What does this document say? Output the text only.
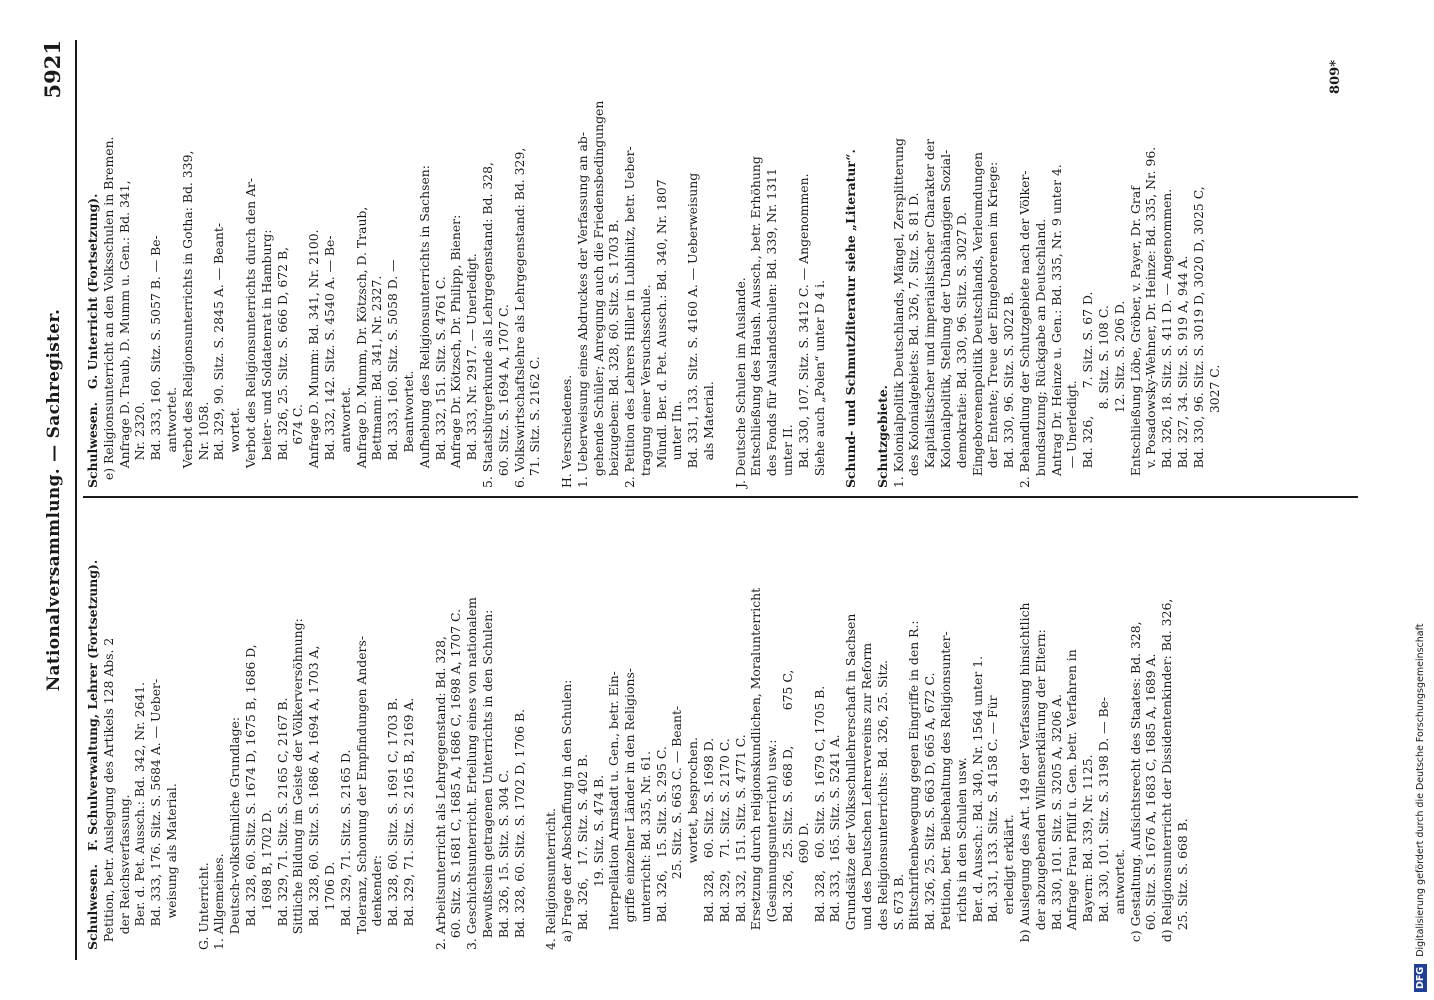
Nationalversammlung. — Sachregister.
5921
Schulwesen.   F. Schulverwaltung, Lehrer (Fortsetzung). Petition, betr. Auslegung des Artikels 128 Abs. 2 der Reichsverfassung. Ber. d. Pet. Aussch.: Bd. 342, Nr. 2641. Bd. 333, 176. Sitz. S. 5684 A. — Ueber- weisung als Material. G. Unterricht. 1. Allgemeines. Deutsch-volkstümliche Grundlage: Bd. 328, 60. Sitz. S. 1674 D, 1675 B, 1686 D, 1698 B, 1702 D. Bd. 329, 71. Sitz. S. 2165 C, 2167 B. Sittliche Bildung im Geiste der Völkerversöhnung: Bd. 328, 60. Sitz. S. 1686 A, 1694 A, 1703 A, 1706 D. Bd. 329, 71. Sitz. S. 2165 D. Toleranz, Schonung der Empfindungen Anders- denkender: Bd. 328, 60. Sitz. S. 1691 C, 1703 B. Bd. 329, 71. Sitz. S. 2165 B, 2169 A. 2. Arbeitsunterricht als Lehrgegenstand: Bd. 328, 60. Sitz. S. 1681 C, 1685 A, 1686 C, 1698 A, 1707 C. 3. Geschichtsunterricht. Erteilung eines von nationalem Bewußtsein getragenen Unterrichts in den Schulen: Bd. 326, 15. Sitz. S. 304 C. Bd. 328, 60. Sitz. S. 1702 D, 1706 B. 4. Religionsunterricht. a) Frage der Abschaffung in den Schulen: Bd. 326,   17. Sitz. S. 402 B. 19. Sitz. S. 474 B. Interpellation Arnstadt u. Gen., betr. Ein- griffe einzelner Länder in den Religions- unterricht: Bd. 335, Nr. 61. Bd. 326,   15. Sitz. S. 295 C. 25. Sitz. S. 663 C. — Beant- wortet, besprochen. Bd. 328,   60. Sitz. S. 1698 D. Bd. 329,   71. Sitz. S. 2170 C. Bd. 332,  151. Sitz. S. 4771 C. Ersetzung durch religionskundlichen, Moralunterricht (Gesinnungsunterricht) usw.: Bd. 326,   25. Sitz. S. 668 D,         675 C, 690 D. Bd. 328,   60. Sitz. S. 1679 C, 1705 B. Bd. 333,  165. Sitz. S. 5241 A. Grundsätze der Volksschullehrerschaft in Sachsen und des Deutschen Lehrervereins zur Reform des Religionsunterrichts: Bd. 326, 25. Sitz. S. 673 B. Bittschriftenbewegung gegen Eingriffe in den R.: Bd. 326, 25. Sitz. S. 663 D, 665 A, 672 C. Petition, betr. Beibehaltung des Religionsunter- richts in den Schulen usw. Ber. d. Aussch.: Bd. 340, Nr. 1564 unter 1. Bd. 331, 133. Sitz. S. 4158 C. — Für erledigt erklärt. b) Auslegung des Art. 149 der Verfassung hinsichtlich der abzugebenden Willenserklärung der Eltern: Bd. 330, 101. Sitz. S. 3205 A, 3206 A. Anfrage Frau Pfülf u. Gen. betr. Verfahren in Bayern: Bd. 339, Nr. 1125. Bd. 330, 101. Sitz. S. 3198 D. — Be- antwortet. c) Gestaltung. Aufsichtsrecht des Staates: Bd. 328, 60. Sitz. S. 1676 A, 1683 C, 1685 A, 1689 A. d) Religionsunterricht der Dissidentenkinder: Bd. 326, 25. Sitz. S. 668 B.
Schulwesen.   G. Unterricht (Fortsetzung). e) Religionsunterricht an den Volksschulen in Bremen. Anfrage D. Traub, D. Mumm u. Gen.: Bd. 341, Nr. 2320. Bd. 333, 160. Sitz. S. 5057 B. — Be- antwortet. Verbot des Religionsunterrichts in Gotha: Bd. 339, Nr. 1058. Bd. 329, 90. Sitz. S. 2845 A. — Beant- wortet. Verbot des Religionsunterrichts durch den Ar- beiter- und Soldatenrat in Hamburg: Bd. 326, 25. Sitz. S. 666 D, 672 B, 674 C. Anfrage D. Mumm: Bd. 341, Nr. 2100. Bd. 332, 142. Sitz. S. 4540 A. — Be- antwortet. Anfrage D. Mumm, Dr. Kötzsch, D. Traub, Bettmann: Bd. 341, Nr. 2327. Bd. 333, 160. Sitz. S. 5058 D. — Beantwortet. Aufhebung des Religionsunterrichts in Sachsen: Bd. 332, 151. Sitz. S. 4761 C. Anfrage Dr. Kötzsch, Dr. Philipp, Biener: Bd. 333, Nr. 2917. — Unerledigt. 5. Staatsbürgerkunde als Lehrgegenstand: Bd. 328, 60. Sitz. S. 1694 A, 1707 C. 6. Volkswirtschaftslehre als Lehrgegenstand: Bd. 329, 71. Sitz. S. 2162 C. H. Verschiedenes. 1. Ueberweisung eines Abdruckes der Verfassung an ab- gehende Schüler; Anregung auch die Friedensbedingungen beizugeben: Bd. 328, 60. Sitz. S. 1703 B. 2. Petition des Lehrers Hiller in Lublinitz, betr. Ueber- tragung einer Versuchsschule. Mündl. Ber. d. Pet. Aussch.: Bd. 340, Nr. 1807 unter IIn. Bd. 331, 133. Sitz. S. 4160 A. — Ueberweisung als Material. J. Deutsche Schulen im Auslande. Entschließung des Haush. Aussch., betr. Erhöhung des Fonds für Auslandschulen: Bd. 339, Nr. 1311 unter II. Bd. 330, 107. Sitz. S. 3412 C. — Angenommen. Siehe auch „Polen“ unter D 4 i. Schund- und Schmutzliteratur siehe „Literatur“. Schutzgebiete. 1. Kolonialpolitik Deutschlands, Mängel, Zersplitterung des Kolonialgebiets: Bd. 326, 7. Sitz. S. 81 D. Kapitalistischer und imperialistischer Charakter der Kolonialpolitik, Stellung der Unabhängigen Sozial- demokratie: Bd. 330, 96. Sitz. S. 3027 D. Eingeborenenpolitik Deutschlands, Verleumdungen der Entente; Treue der Eingeborenen im Kriege: Bd. 330, 96. Sitz. S. 3022 B. 2. Behandlung der Schutzgebiete nach der Völker- bundsatzung; Rückgabe an Deutschland. Antrag Dr. Heinze u. Gen.: Bd. 335, Nr. 9 unter 4. — Unerledigt. Bd. 326,       7. Sitz. S. 67 D. 8. Sitz. S. 108 C. 12. Sitz. S. 206 D. Entschließung Löbe, Gröber, v. Payer, Dr. Graf v. Posadowsky-Wehner, Dr. Heinze: Bd. 335, Nr. 96. Bd. 326, 18. Sitz. S. 411 D. — Angenommen. Bd. 327, 34. Sitz. S. 919 A, 944 A. Bd. 330, 96. Sitz. S. 3019 D, 3020 D, 3025 C, 3027 C.
809*
DFG Digitalisierung gefördert durch die Deutsche Forschungsgemeinschaft
